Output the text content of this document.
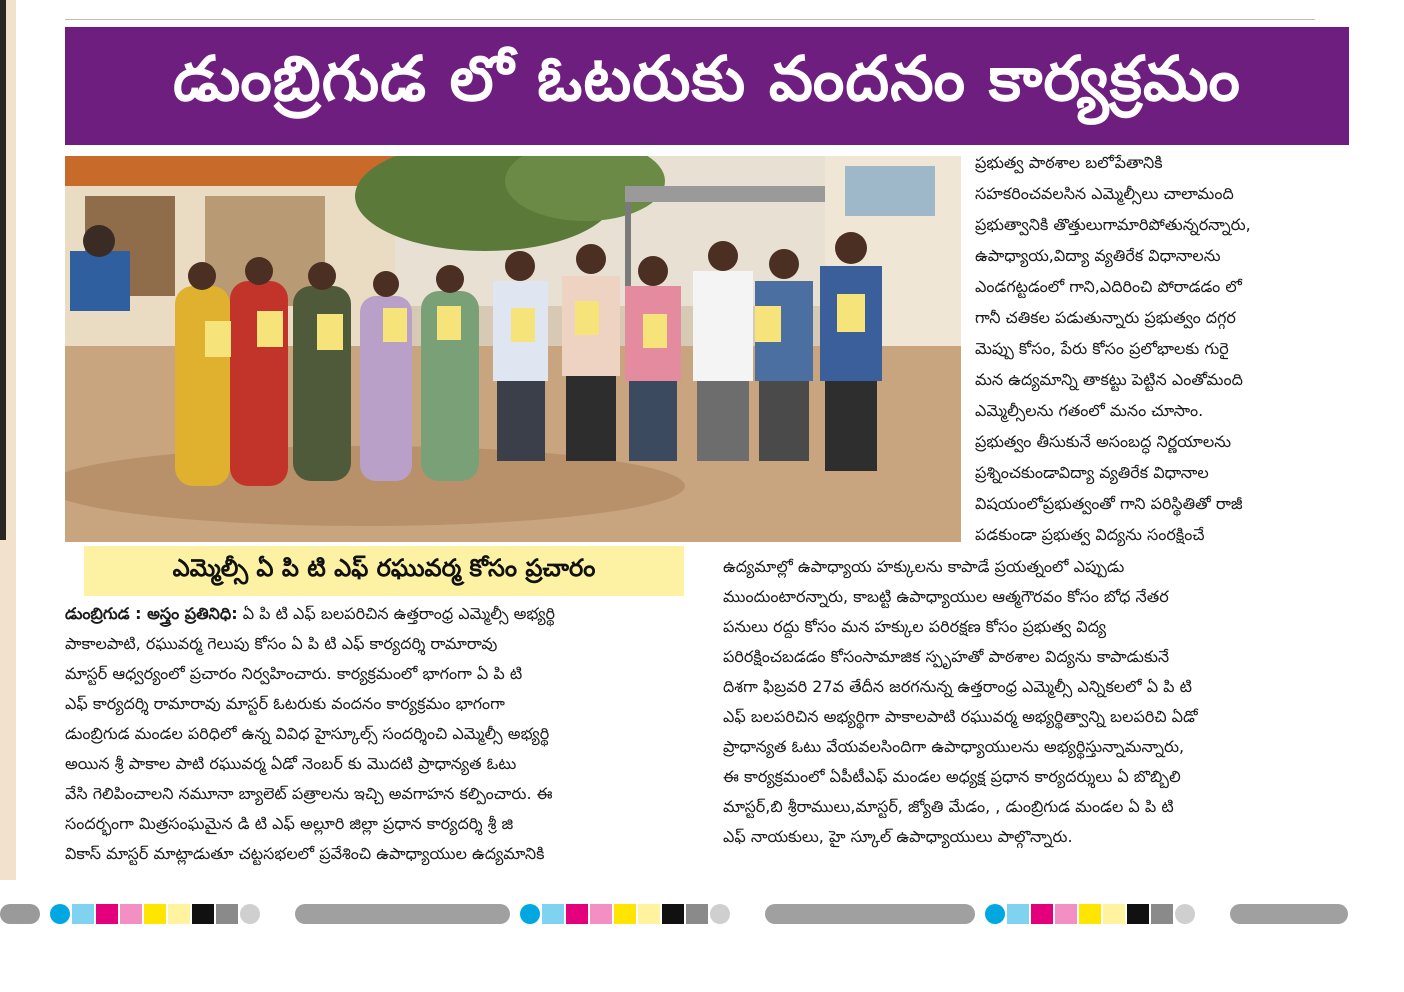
డుంబ్రిగుడ లో ఓటరుకు వందనం కార్యక్రమం
ప్రభుత్వ పాఠశాల బలోపేతానికి
సహకరించవలసిన ఎమ్మెల్సీలు చాలామంది
ప్రభుత్వానికి తొత్తులుగామారిపోతున్నరన్నారు,
ఉపాధ్యాయ,విద్యా వ్యతిరేక విధానాలను
ఎండగట్టడంలో గాని,ఎదిరించి పోరాడడం లో
గానీ చతికల పడుతున్నారు ప్రభుత్వం దగ్గర
మెప్పు కోసం, పేరు కోసం ప్రలోభాలకు గురై
మన ఉద్యమాన్ని తాకట్టు పెట్టిన ఎంతోమంది
ఎమ్మెల్సీలను గతంలో మనం చూసాం.
ప్రభుత్వం తీసుకునే అసంబద్ధ నిర్ణయాలను
ప్రశ్నించకుండావిద్యా వ్యతిరేక విధానాల
విషయంలోప్రభుత్వంతో గాని పరిస్థితితో రాజీ
పడకుండా ప్రభుత్వ విద్యను సంరక్షించే
ఎమ్మెల్సీ ఏ పి టి ఎఫ్ రఘువర్మ కోసం ప్రచారం	ఉద్యమాల్లో ఉపాధ్యాయ హక్కులను కాపాడే ప్రయత్నంలో ఎప్పుడు
ముందుంటారన్నారు, కాబట్టి ఉపాధ్యాయుల ఆత్మగౌరవం కోసం బోధ నేతర
పనులు రద్దు కోసం మన హక్కుల పరిరక్షణ కోసం ప్రభుత్వ విద్య
పరిరక్షించబడడం కోసంసామాజిక స్పృహతో పాఠశాల విద్యను కాపాడుకునే
దిశగా ఫిబ్రవరి 27వ తేదీన జరగనున్న ఉత్తరాంధ్ర ఎమ్మెల్సీ ఎన్నికలలో ఏ పి టి
ఎఫ్ బలపరిచిన అభ్యర్థిగా పాకాలపాటి రఘువర్మ అభ్యర్థిత్వాన్ని బలపరిచి ఏడో
ప్రాధాన్యత ఓటు వేయవలసిందిగా ఉపాధ్యాయులను అభ్యర్థిస్తున్నామన్నారు,
ఈ కార్యక్రమంలో ఏపీటీఎఫ్ మండల అధ్యక్ష ప్రధాన కార్యదర్శులు ఏ బొబ్బిలి
మాస్టర్,బి శ్రీరాములు,మాస్టర్, జ్యోతి మేడం, , డుంబ్రిగుడ మండల ఏ పి టి
ఎఫ్ నాయకులు, హై స్కూల్ ఉపాధ్యాయులు పాల్గొన్నారు.
డుంబ్రిగుడ : అస్త్రం ప్రతినిధి: ఏ పి టి ఎఫ్ బలపరిచిన ఉత్తరాంధ్ర ఎమ్మెల్సీ అభ్యర్థి
పాకాలపాటి, రఘువర్మ గెలుపు కోసం ఏ పి టి ఎఫ్ కార్యదర్శి రామారావు
మాస్టర్ ఆధ్వర్యంలో ప్రచారం నిర్వహించారు. కార్యక్రమంలో భాగంగా ఏ పి టి
ఎఫ్ కార్యదర్శి రామారావు మాస్టర్ ఓటరుకు వందనం కార్యక్రమం భాగంగా
డుంబ్రిగుడ మండల పరిధిలో ఉన్న వివిధ హైస్కూల్స్ సందర్శించి ఎమ్మెల్సీ అభ్యర్థి
అయిన శ్రీ పాకాల పాటి రఘువర్మ ఏడో నెంబర్ కు మొదటి ప్రాధాన్యత ఓటు
వేసి గెలిపించాలని నమూనా బ్యాలెట్ పత్రాలను ఇచ్చి అవగాహన కల్పించారు. ఈ
సందర్భంగా మిత్రసంఘమైన డి టి ఎఫ్ అల్లూరి జిల్లా ప్రధాన కార్యదర్శి శ్రీ జి
వికాస్ మాస్టర్ మాట్లాడుతూ చట్టసభలలో ప్రవేశించి ఉపాధ్యాయుల ఉద్యమానికి
